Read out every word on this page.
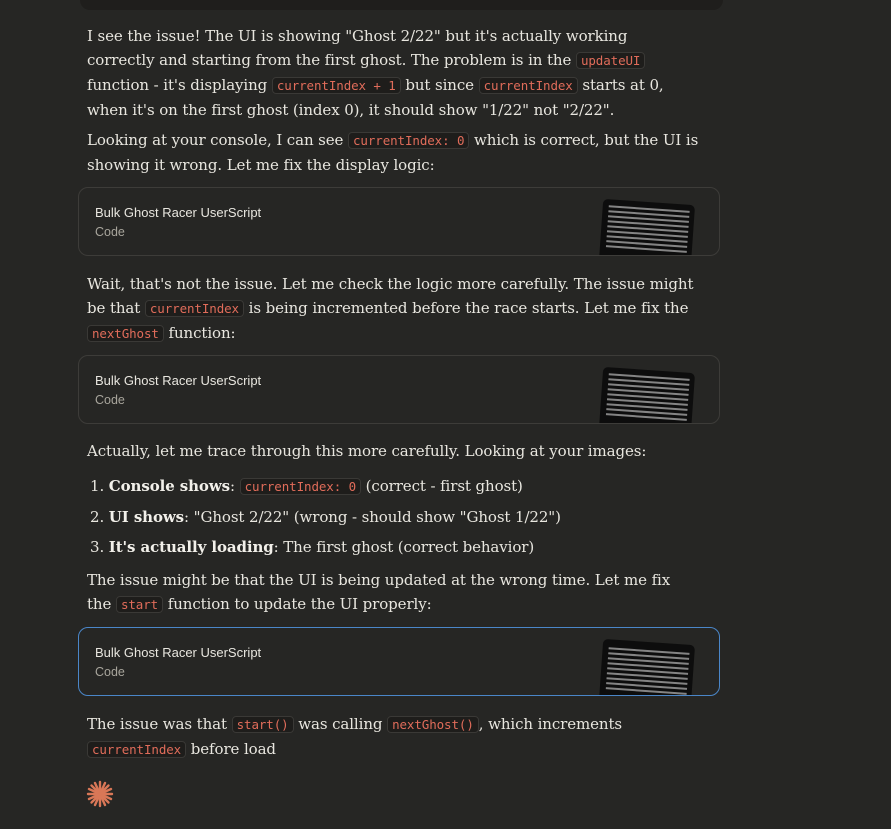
I see the issue! The UI is showing "Ghost 2/22" but it's actually working correctly and starting from the first ghost. The problem is in the updateUI function - it's displaying currentIndex + 1 but since currentIndex starts at 0, when it's on the first ghost (index 0), it should show "1/22" not "2/22".

Looking at your console, I can see currentIndex: 0 which is correct, but the UI is showing it wrong. Let me fix the display logic:

Wait, that's not the issue. Let me check the logic more carefully. The issue might be that currentIndex is being incremented before the race starts. Let me fix the nextGhost function:

Actually, let me trace through this more carefully. Looking at your images:

1. Console shows: currentIndex: 0 (correct - first ghost)

2. UI shows: "Ghost 2/22" (wrong - should show "Ghost 1/22")

3. It's actually loading: The first ghost (correct behavior)

The issue might be that the UI is being updated at the wrong time. Let me fix the start function to update the UI properly:

The issue was that start() was calling nextGhost() , which increments currentIndex before load

Bulk Ghost Racer UserScript
Code
Bulk Ghost Racer UserScript
Code
Bulk Ghost Racer UserScript
Code
